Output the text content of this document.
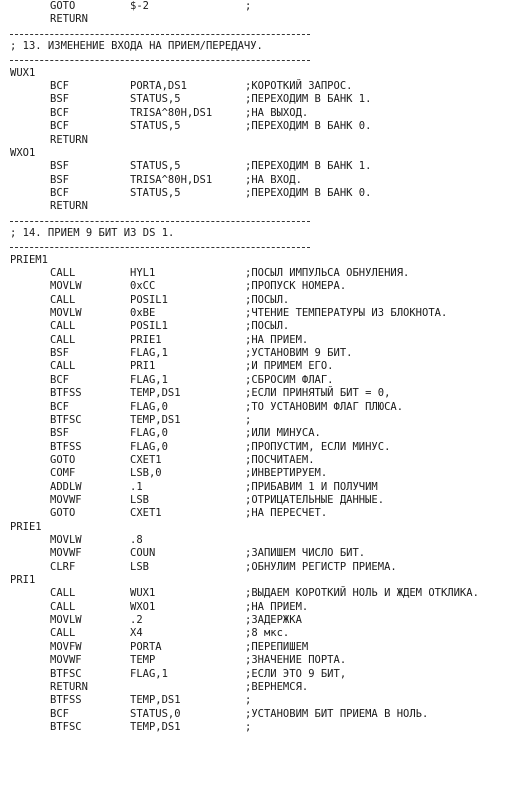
GOTO	$-2	;
RETURN
; 13. ИЗМЕНЕНИЕ ВХОДА НА ПРИЕМ/ПЕРЕДАЧУ.
WUX1
BCF	PORTA,DS1	;КОРОТКИЙ ЗАПРОС.
BSF	STATUS,5	;ПЕРЕХОДИМ В БАНК 1.
BCF	TRISA^80H,DS1	;НА ВЫХОД.
BCF	STATUS,5	;ПЕРЕХОДИМ В БАНК 0.
RETURN
WXO1
BSF	STATUS,5	;ПЕРЕХОДИМ В БАНК 1.
BSF	TRISA^80H,DS1	;НА ВХОД.
BCF	STATUS,5	;ПЕРЕХОДИМ В БАНК 0.
RETURN
; 14. ПРИЕМ 9 БИТ ИЗ DS 1.
PRIEM1
CALL	HYL1	;ПОСЫЛ ИМПУЛЬСА ОБНУЛЕНИЯ.
MOVLW	0xCC	;ПРОПУСК НОМЕРА.
CALL	POSIL1	;ПОСЫЛ.
MOVLW	0xBE	;ЧТЕНИЕ ТЕМПЕРАТУРЫ ИЗ БЛОКНОТА.
CALL	POSIL1	;ПОСЫЛ.
CALL	PRIE1	;НА ПРИЕМ.
BSF	FLAG,1	;УСТАНОВИМ 9 БИТ.
CALL	PRI1	;И ПРИМЕМ ЕГО.
BCF	FLAG,1	;СБРОСИМ ФЛАГ.
BTFSS	TEMP,DS1	;ЕСЛИ ПРИНЯТЫЙ БИТ = 0,
BCF	FLAG,0	;ТО УСТАНОВИМ ФЛАГ ПЛЮСА.
BTFSC	TEMP,DS1	;
BSF	FLAG,0	;ИЛИ МИНУСА.
BTFSS	FLAG,0	;ПРОПУСТИМ, ЕСЛИ МИНУС.
GOTO	CXET1	;ПОСЧИТАЕМ.
COMF	LSB,0	;ИНВЕРТИРУЕМ.
ADDLW	.1	;ПРИБАВИМ 1 И ПОЛУЧИМ
MOVWF	LSB	;ОТРИЦАТЕЛЬНЫЕ ДАННЫЕ.
GOTO	CXET1	;НА ПЕРЕСЧЕТ.
PRIE1
MOVLW	.8
MOVWF	COUN	;ЗАПИШЕМ ЧИСЛО БИТ.
CLRF	LSB	;ОБНУЛИМ РЕГИСТР ПРИЕМА.
PRI1
CALL	WUX1	;ВЫДАЕМ КОРОТКИЙ НОЛЬ И ЖДЕМ ОТКЛИКА.
CALL	WXO1	;НА ПРИЕМ.
MOVLW	.2	;ЗАДЕРЖКА
CALL	X4	;8 мкс.
MOVFW	PORTA	;ПЕРЕПИШЕМ
MOVWF	TEMP	;ЗНАЧЕНИЕ ПОРТА.
BTFSC	FLAG,1	;ЕСЛИ ЭТО 9 БИТ,
RETURN	;ВЕРНЕМСЯ.
BTFSS	TEMP,DS1	;
BCF	STATUS,0	;УСТАНОВИМ БИТ ПРИЕМА В НОЛЬ.
BTFSC	TEMP,DS1	;
